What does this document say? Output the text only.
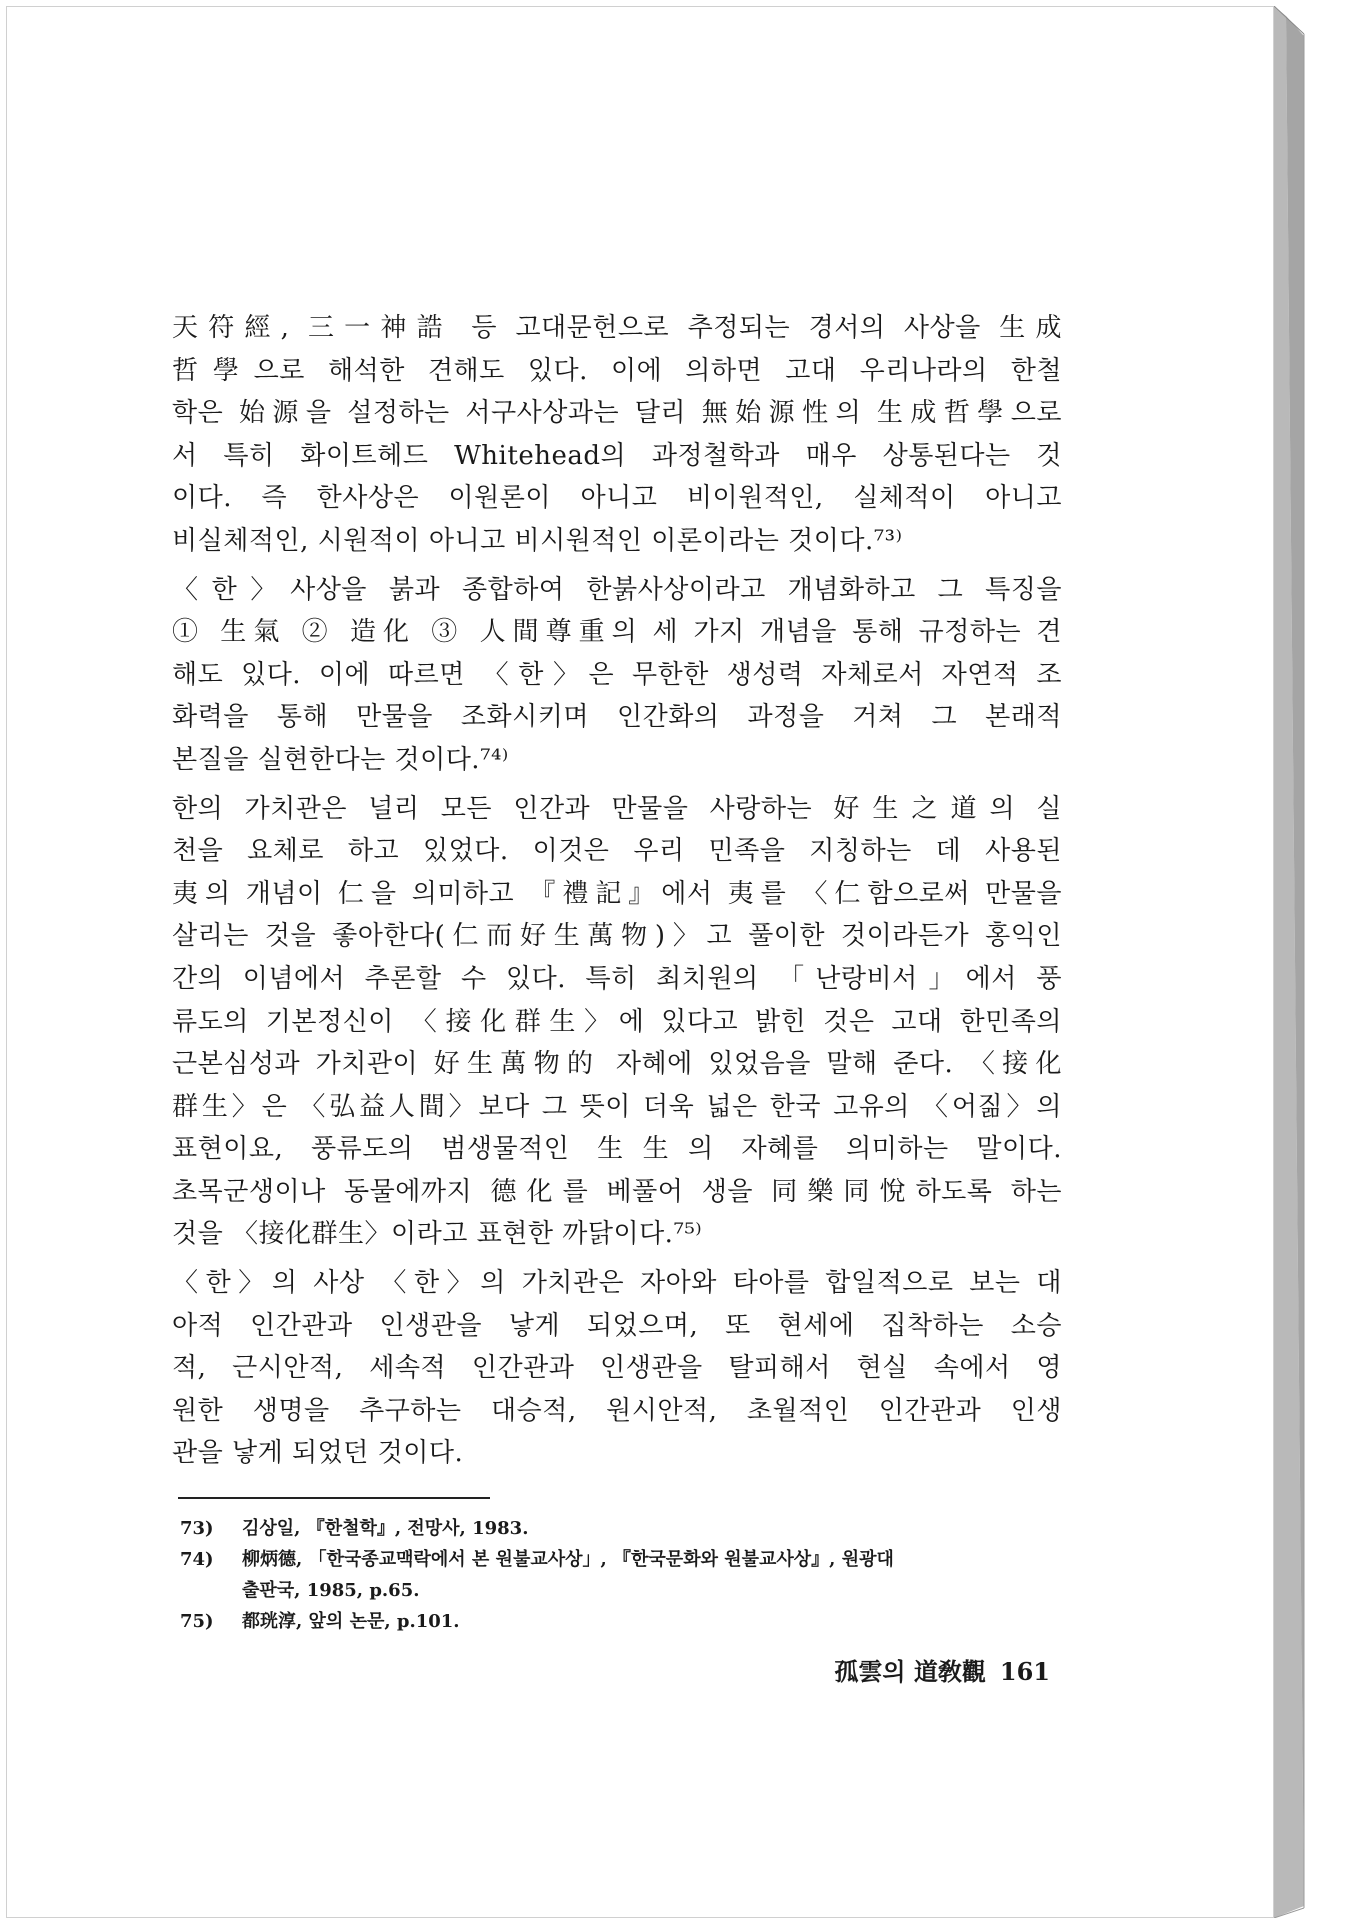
天符經, 三一神誥 등 고대문헌으로 추정되는 경서의 사상을 生成
哲學으로 해석한 견해도 있다. 이에 의하면 고대 우리나라의 한철
학은 始源을 설정하는 서구사상과는 달리 無始源性의 生成哲學으로
서 특히 화이트헤드 Whitehead의 과정철학과 매우 상통된다는 것
이다. 즉 한사상은 이원론이 아니고 비이원적인, 실체적이 아니고
비실체적인, 시원적이 아니고 비시원적인 이론이라는 것이다.⁷³⁾
〈한〉사상을 붉과 종합하여 한붉사상이라고 개념화하고 그 특징을
① 生氣 ② 造化 ③ 人間尊重의 세 가지 개념을 통해 규정하는 견
해도 있다. 이에 따르면 〈한〉은 무한한 생성력 자체로서 자연적 조
화력을 통해 만물을 조화시키며 인간화의 과정을 거쳐 그 본래적
본질을 실현한다는 것이다.⁷⁴⁾
한의 가치관은 널리 모든 인간과 만물을 사랑하는 好生之道의 실
천을 요체로 하고 있었다. 이것은 우리 민족을 지칭하는 데 사용된
夷의 개념이 仁을 의미하고 『禮記』에서 夷를 〈仁함으로써 만물을
살리는 것을 좋아한다(仁而好生萬物)〉고 풀이한 것이라든가 홍익인
간의 이념에서 추론할 수 있다. 특히 최치원의 「난랑비서」에서 풍
류도의 기본정신이 〈接化群生〉에 있다고 밝힌 것은 고대 한민족의
근본심성과 가치관이 好生萬物的 자혜에 있었음을 말해 준다. 〈接化
群生〉은 〈弘益人間〉보다 그 뜻이 더욱 넓은 한국 고유의 〈어짊〉의
표현이요, 풍류도의 범생물적인 生生의 자혜를 의미하는 말이다.
초목군생이나 동물에까지 德化를 베풀어 생을 同樂同悅하도록 하는
것을 〈接化群生〉이라고 표현한 까닭이다.⁷⁵⁾
〈한〉의 사상 〈한〉의 가치관은 자아와 타아를 합일적으로 보는 대
아적 인간관과 인생관을 낳게 되었으며, 또 현세에 집착하는 소승
적, 근시안적, 세속적 인간관과 인생관을 탈피해서 현실 속에서 영
원한 생명을 추구하는 대승적, 원시안적, 초월적인 인간관과 인생
관을 낳게 되었던 것이다.
73) 김상일, 『한철학』, 전망사, 1983.
74) 柳炳德, 「한국종교맥락에서 본 원불교사상」, 『한국문화와 원불교사상』, 원광대
출판국, 1985, p.65.
75) 都珖淳, 앞의 논문, p.101.
孤雲의 道敎觀 161
